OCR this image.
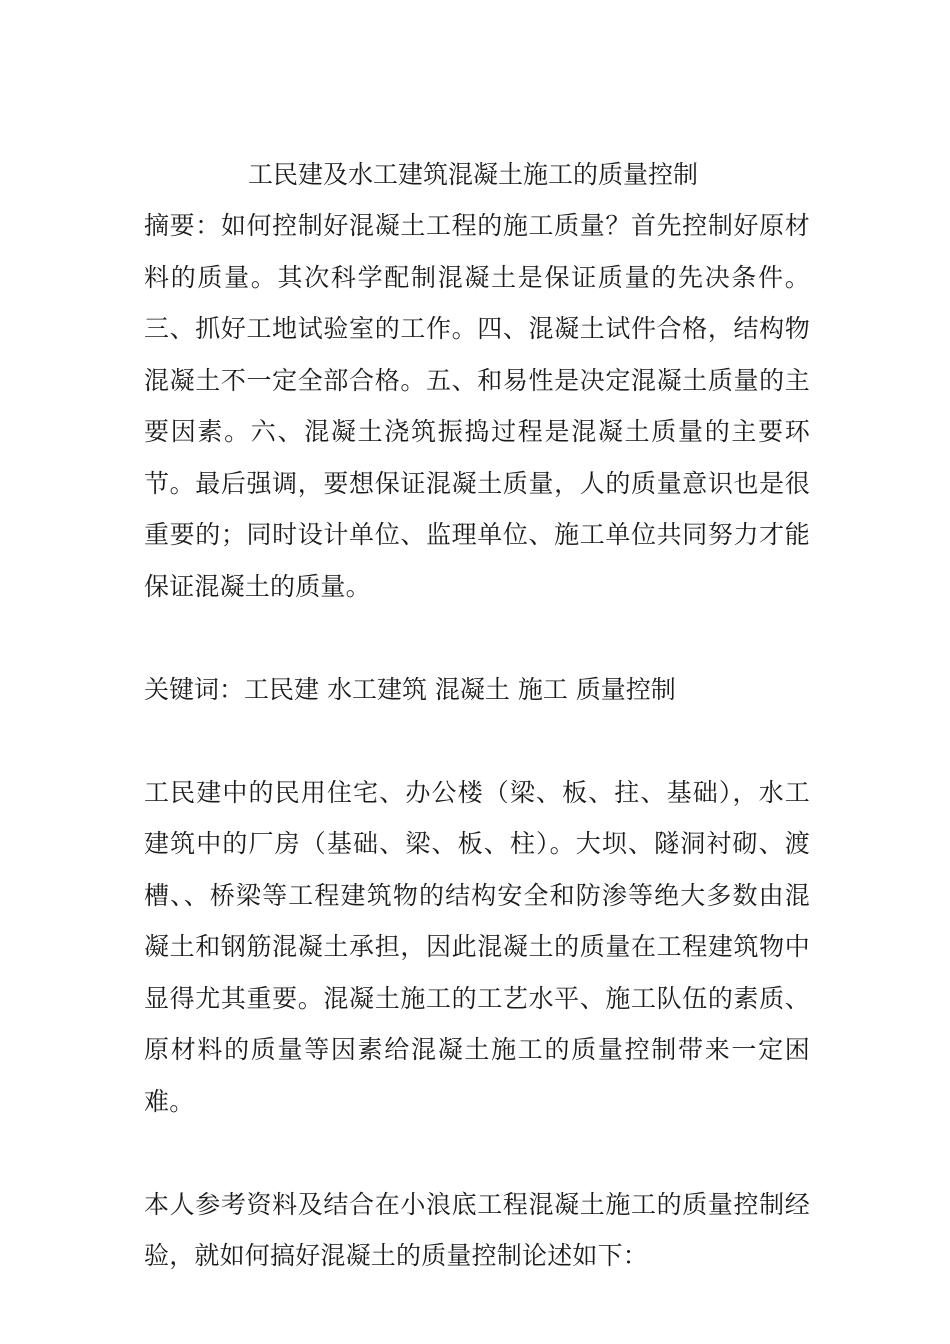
工民建及水工建筑混凝土施工的质量控制

摘要：如何控制好混凝土工程的施工质量？首先控制好原材料的质量。其次科学配制混凝土是保证质量的先决条件。三、抓好工地试验室的工作。四、混凝土试件合格，结构物混凝土不一定全部合格。五、和易性是决定混凝土质量的主要因素。六、混凝土浇筑振捣过程是混凝土质量的主要环节。最后强调，要想保证混凝土质量，人的质量意识也是很重要的；同时设计单位、监理单位、施工单位共同努力才能保证混凝土的质量。

关键词：工民建 水工建筑 混凝土 施工 质量控制

工民建中的民用住宅、办公楼（梁、板、拄、基础），水工建筑中的厂房（基础、梁、板、柱）。大坝、隧洞衬砌、渡槽、、桥梁等工程建筑物的结构安全和防渗等绝大多数由混凝土和钢筋混凝土承担，因此混凝土的质量在工程建筑物中显得尤其重要。混凝土施工的工艺水平、施工队伍的素质、原材料的质量等因素给混凝土施工的质量控制带来一定困难。

本人参考资料及结合在小浪底工程混凝土施工的质量控制经验，就如何搞好混凝土的质量控制论述如下：
